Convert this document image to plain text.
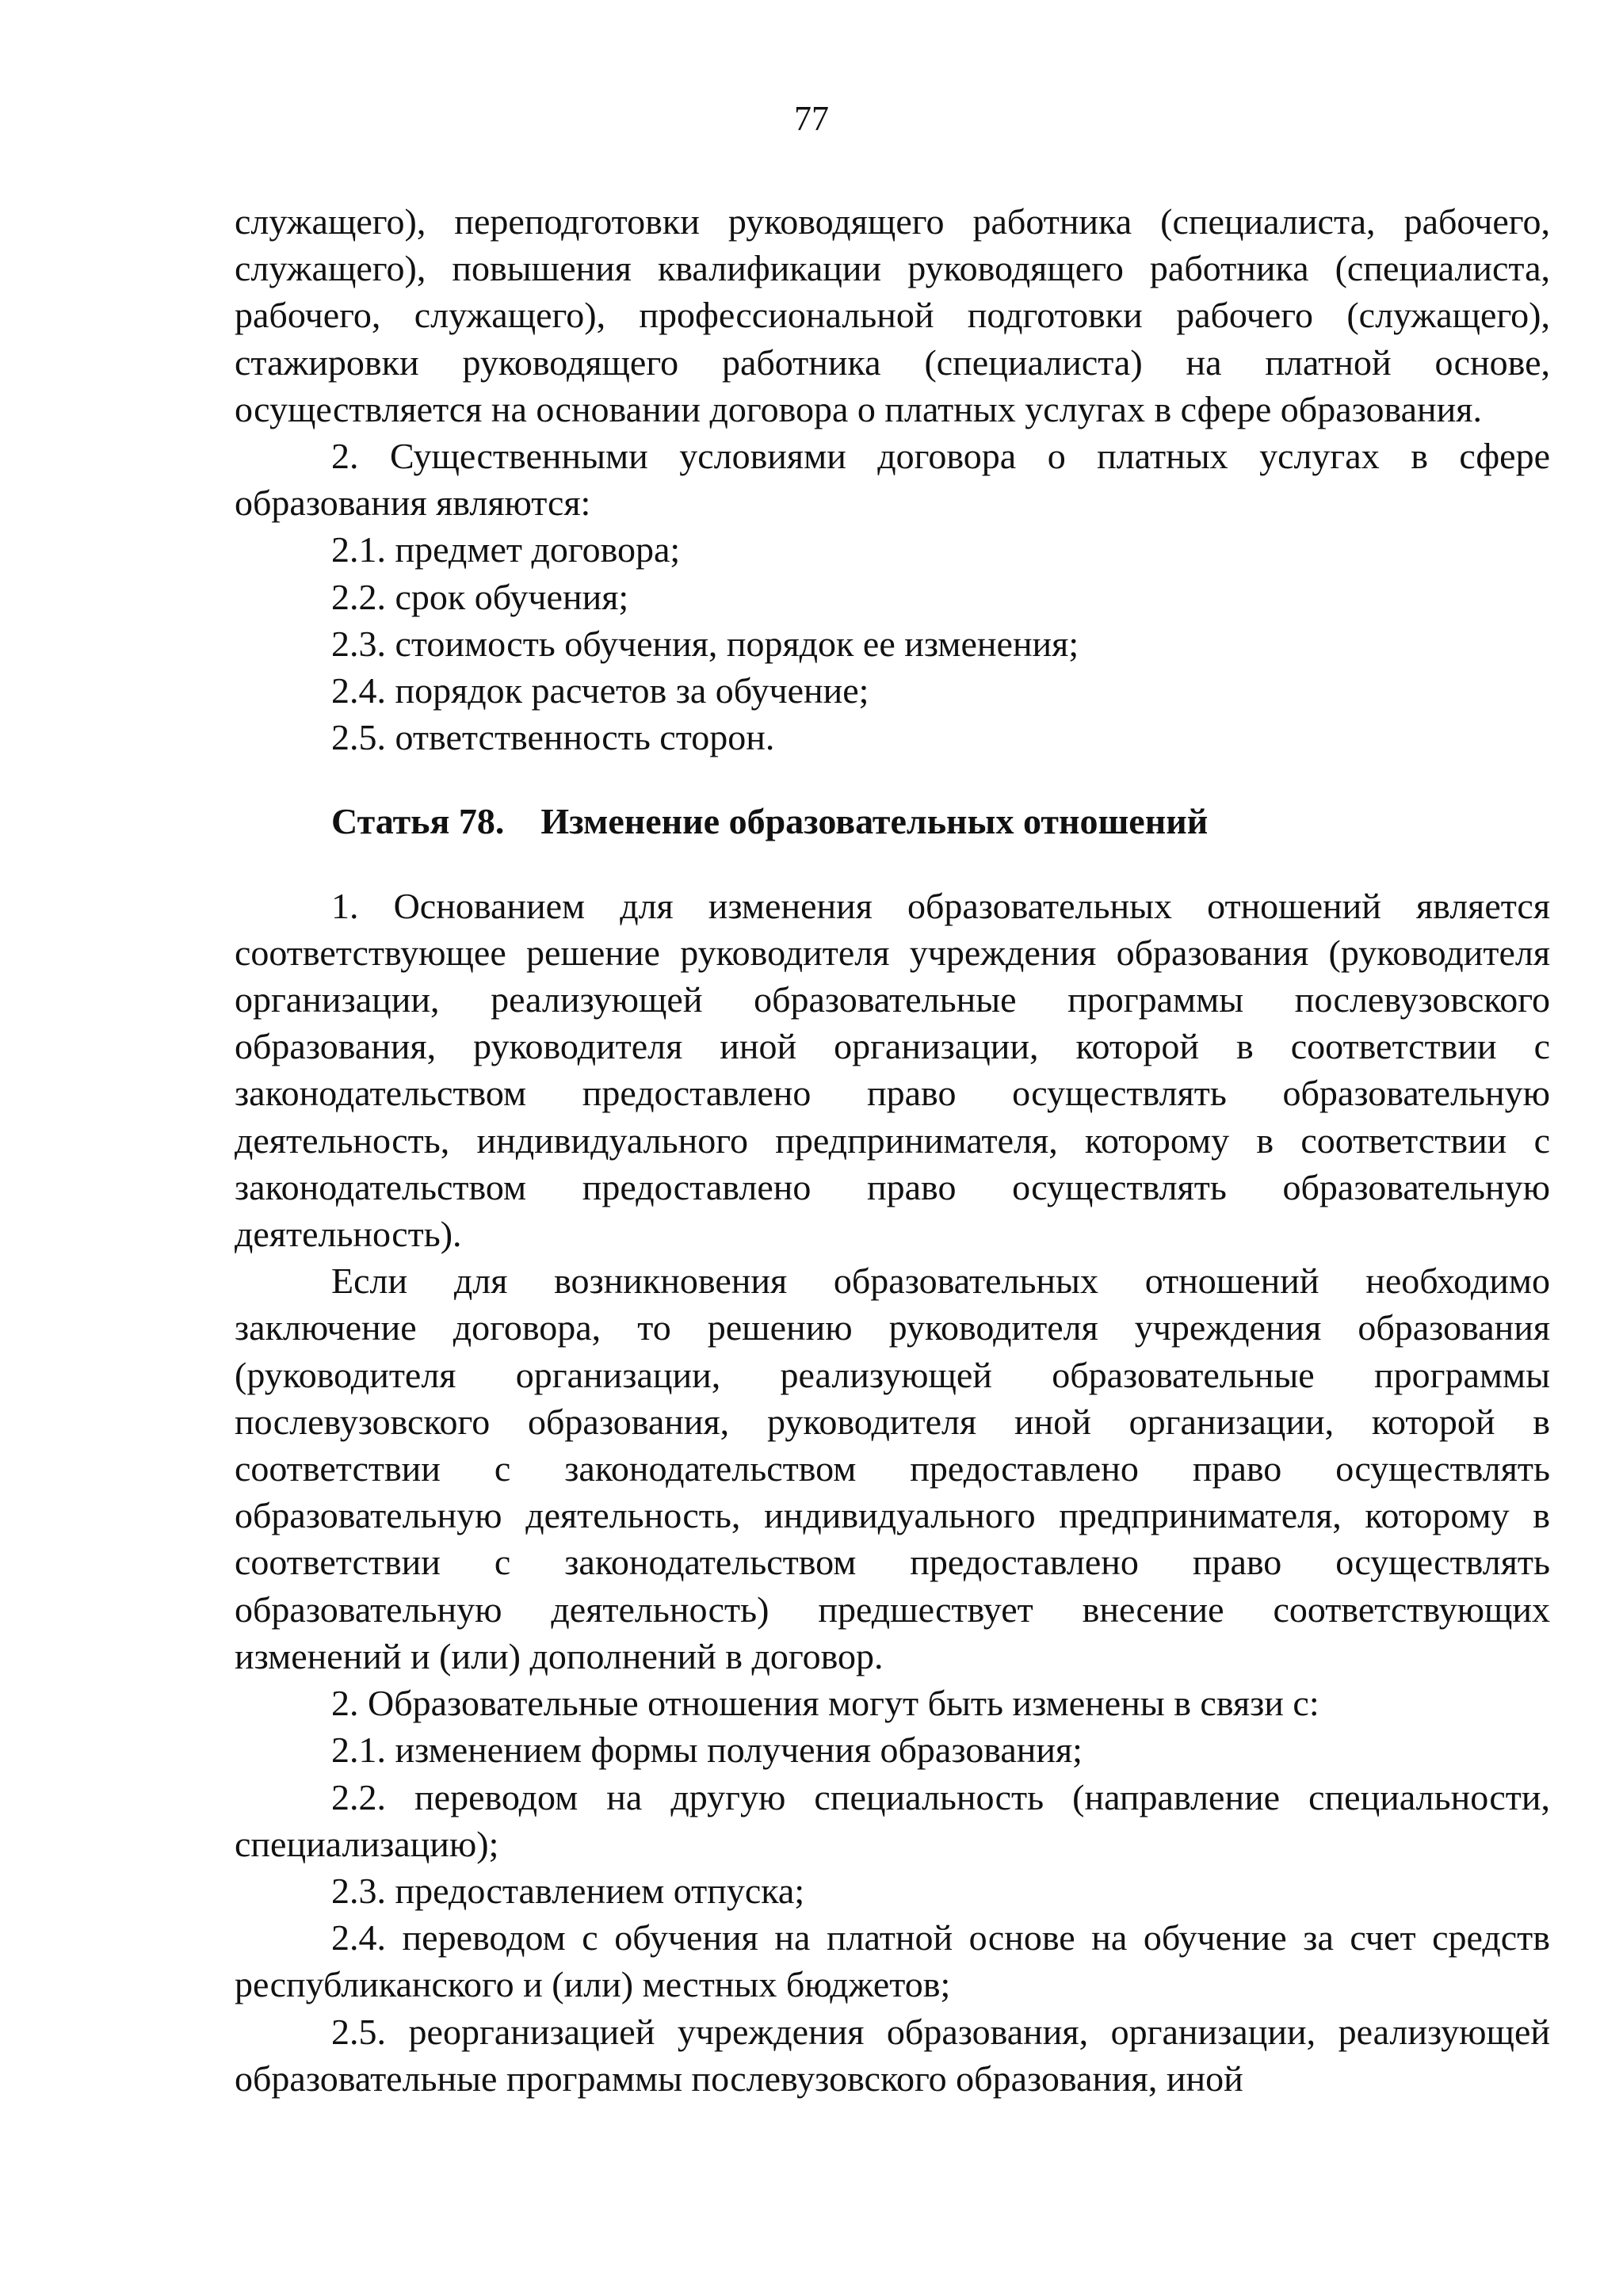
77

служащего), переподготовки руководящего работника (специалиста, рабочего, служащего), повышения квалификации руководящего работника (специалиста, рабочего, служащего), профессиональной подготовки рабочего (служащего), стажировки руководящего работника (специалиста) на платной основе, осуществляется на основании договора о платных услугах в сфере образования.

2. Существенными условиями договора о платных услугах в сфере образования являются:

2.1. предмет договора;

2.2. срок обучения;

2.3. стоимость обучения, порядок ее изменения;

2.4. порядок расчетов за обучение;

2.5. ответственность сторон.

Статья 78. Изменение образовательных отношений

1. Основанием для изменения образовательных отношений является соответствующее решение руководителя учреждения образования (руководителя организации, реализующей образовательные программы послевузовского образования, руководителя иной организации, которой в соответствии с законодательством предоставлено право осуществлять образовательную деятельность, индивидуального предпринимателя, которому в соответствии с законодательством предоставлено право осуществлять образовательную деятельность).

Если для возникновения образовательных отношений необходимо заключение договора, то решению руководителя учреждения образования (руководителя организации, реализующей образовательные программы послевузовского образования, руководителя иной организации, которой в соответствии с законодательством предоставлено право осуществлять образовательную деятельность, индивидуального предпринимателя, которому в соответствии с законодательством предоставлено право осуществлять образовательную деятельность) предшествует внесение соответствующих изменений и (или) дополнений в договор.

2. Образовательные отношения могут быть изменены в связи с:

2.1. изменением формы получения образования;

2.2. переводом на другую специальность (направление специальности, специализацию);

2.3. предоставлением отпуска;

2.4. переводом с обучения на платной основе на обучение за счет средств республиканского и (или) местных бюджетов;

2.5. реорганизацией учреждения образования, организации, реализующей образовательные программы послевузовского образования, иной
